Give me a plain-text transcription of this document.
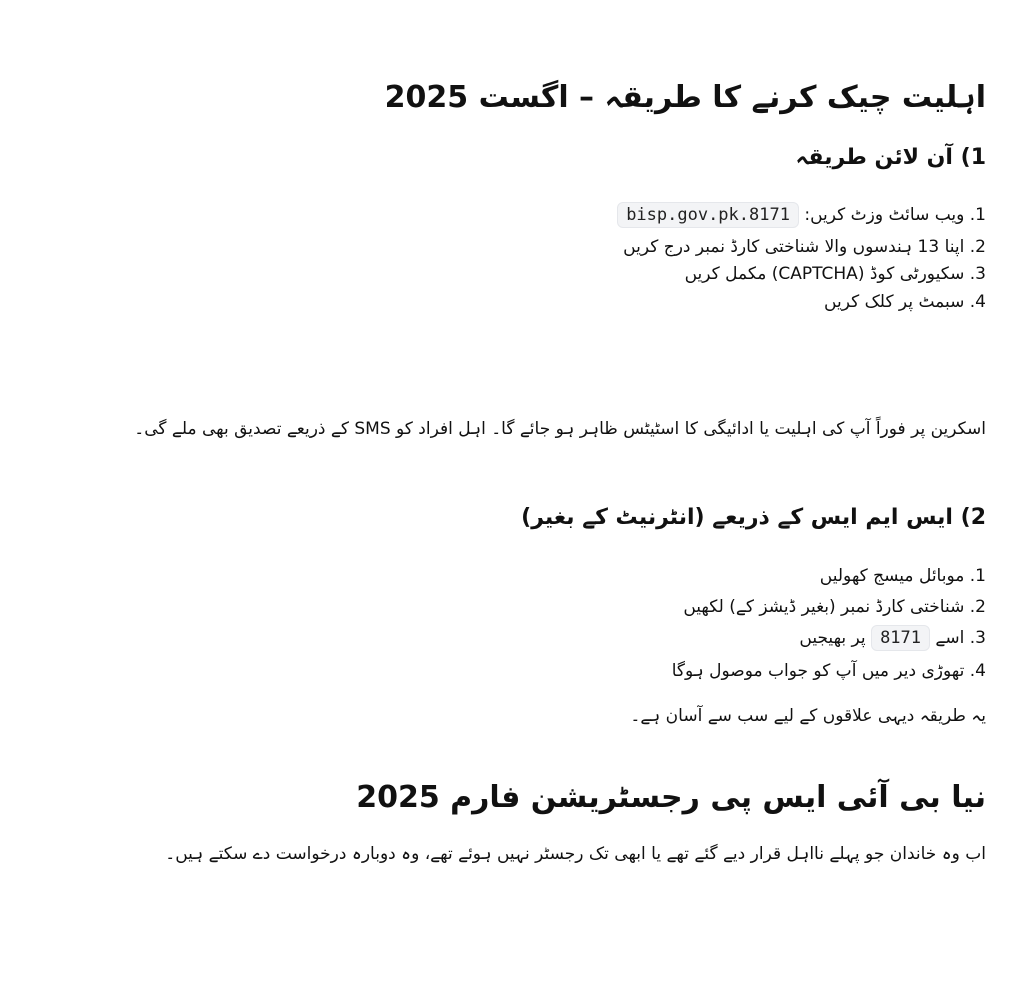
اہلیت چیک کرنے کا طریقہ – اگست 2025
1) آن لائن طریقہ
1. ویب سائٹ وزٹ کریں: bisp.gov.pk.8171
2. اپنا 13 ہندسوں والا شناختی کارڈ نمبر درج کریں
3. سکیورٹی کوڈ (CAPTCHA) مکمل کریں
4. سبمٹ پر کلک کریں

اسکرین پر فوراً آپ کی اہلیت یا ادائیگی کا اسٹیٹس ظاہر ہو جائے گا۔ اہل افراد کو SMS کے ذریعے تصدیق بھی ملے گی۔

2) ایس ایم ایس کے ذریعے (انٹرنیٹ کے بغیر)
1. موبائل میسج کھولیں
2. شناختی کارڈ نمبر (بغیر ڈیشز کے) لکھیں
3. اسے 8171 پر بھیجیں
4. تھوڑی دیر میں آپ کو جواب موصول ہوگا

یہ طریقہ دیہی علاقوں کے لیے سب سے آسان ہے۔

نیا بی آئی ایس پی رجسٹریشن فارم 2025

اب وہ خاندان جو پہلے نااہل قرار دیے گئے تھے یا ابھی تک رجسٹر نہیں ہوئے تھے، وہ دوبارہ درخواست دے سکتے ہیں۔
